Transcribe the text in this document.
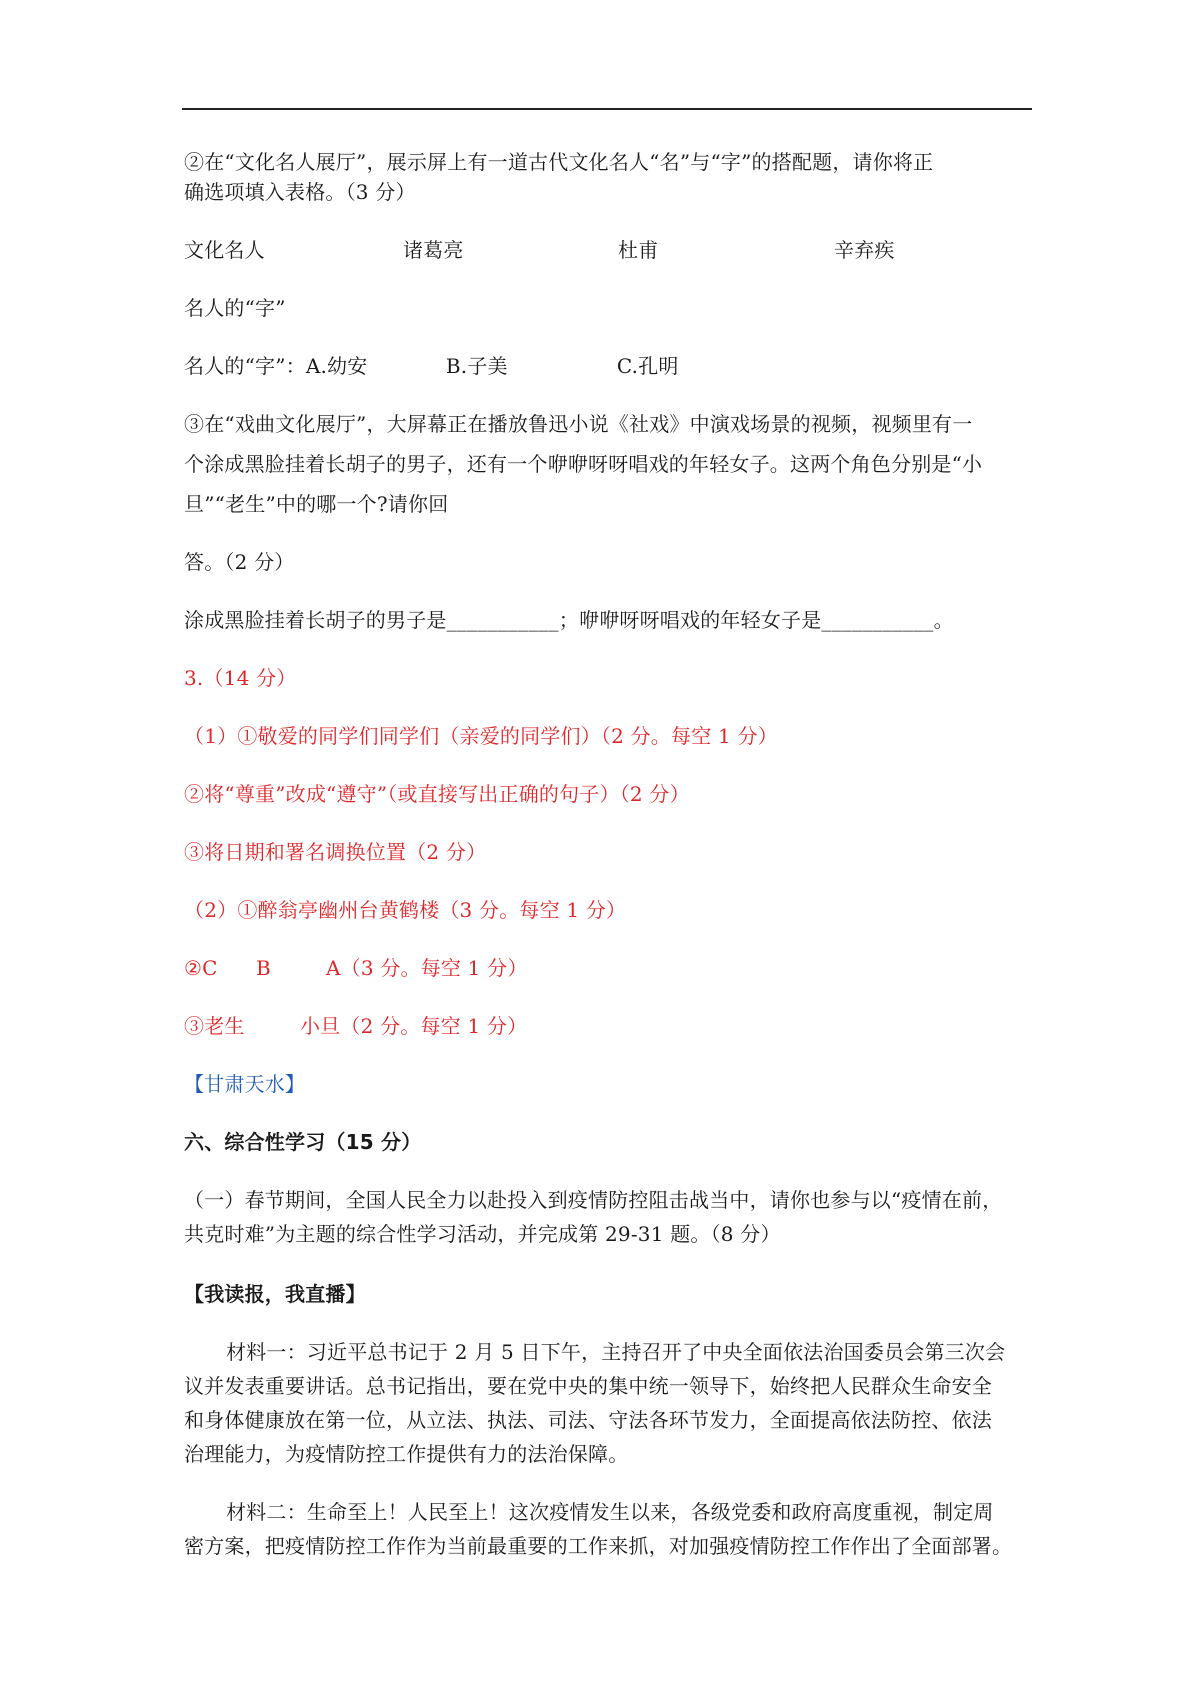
②在“文化名人展厅”，展示屏上有一道古代文化名人“名”与“字”的搭配题，请你将正

确选项填入表格。（3 分）

文化名人	诸葛亮	杜甫	辛弃疾

名人的“字”

名人的“字”： A.幼安	B.子美	C.孔明

③在“戏曲文化展厅”，大屏幕正在播放鲁迅小说《社戏》中演戏场景的视频，视频里有一

个涂成黑脸挂着长胡子的男子，还有一个咿咿呀呀唱戏的年轻女子。这两个角色分别是“小

旦”“老生”中的哪一个?请你回

答。（2 分）

涂成黑脸挂着长胡子的男子是___________；咿咿呀呀唱戏的年轻女子是___________。

3.（14 分）

（1）①敬爱的同学们同学们（亲爱的同学们）（2 分。每空 1 分）

②将“尊重”改成“遵守”（或直接写出正确的句子）（2 分）

③将日期和署名调换位置（2 分）

（2）①醉翁亭幽州台黄鹤楼（3 分。每空 1 分）

②C	B	A（3 分。每空 1 分）
③老生	小旦（2 分。每空 1 分）

【甘肃天水】

六、综合性学习（15 分）

（一）春节期间，全国人民全力以赴投入到疫情防控阻击战当中，请你也参与以“疫情在前，

共克时难”为主题的综合性学习活动，并完成第 29-31 题。（8 分）

【我读报，我直播】

材料一：习近平总书记于 2 月 5 日下午，主持召开了中央全面依法治国委员会第三次会

议并发表重要讲话。总书记指出，要在党中央的集中统一领导下，始终把人民群众生命安全

和身体健康放在第一位，从立法、执法、司法、守法各环节发力，全面提高依法防控、依法

治理能力，为疫情防控工作提供有力的法治保障。

材料二：生命至上！人民至上！这次疫情发生以来，各级党委和政府高度重视，制定周

密方案，把疫情防控工作作为当前最重要的工作来抓，对加强疫情防控工作作出了全面部署。
